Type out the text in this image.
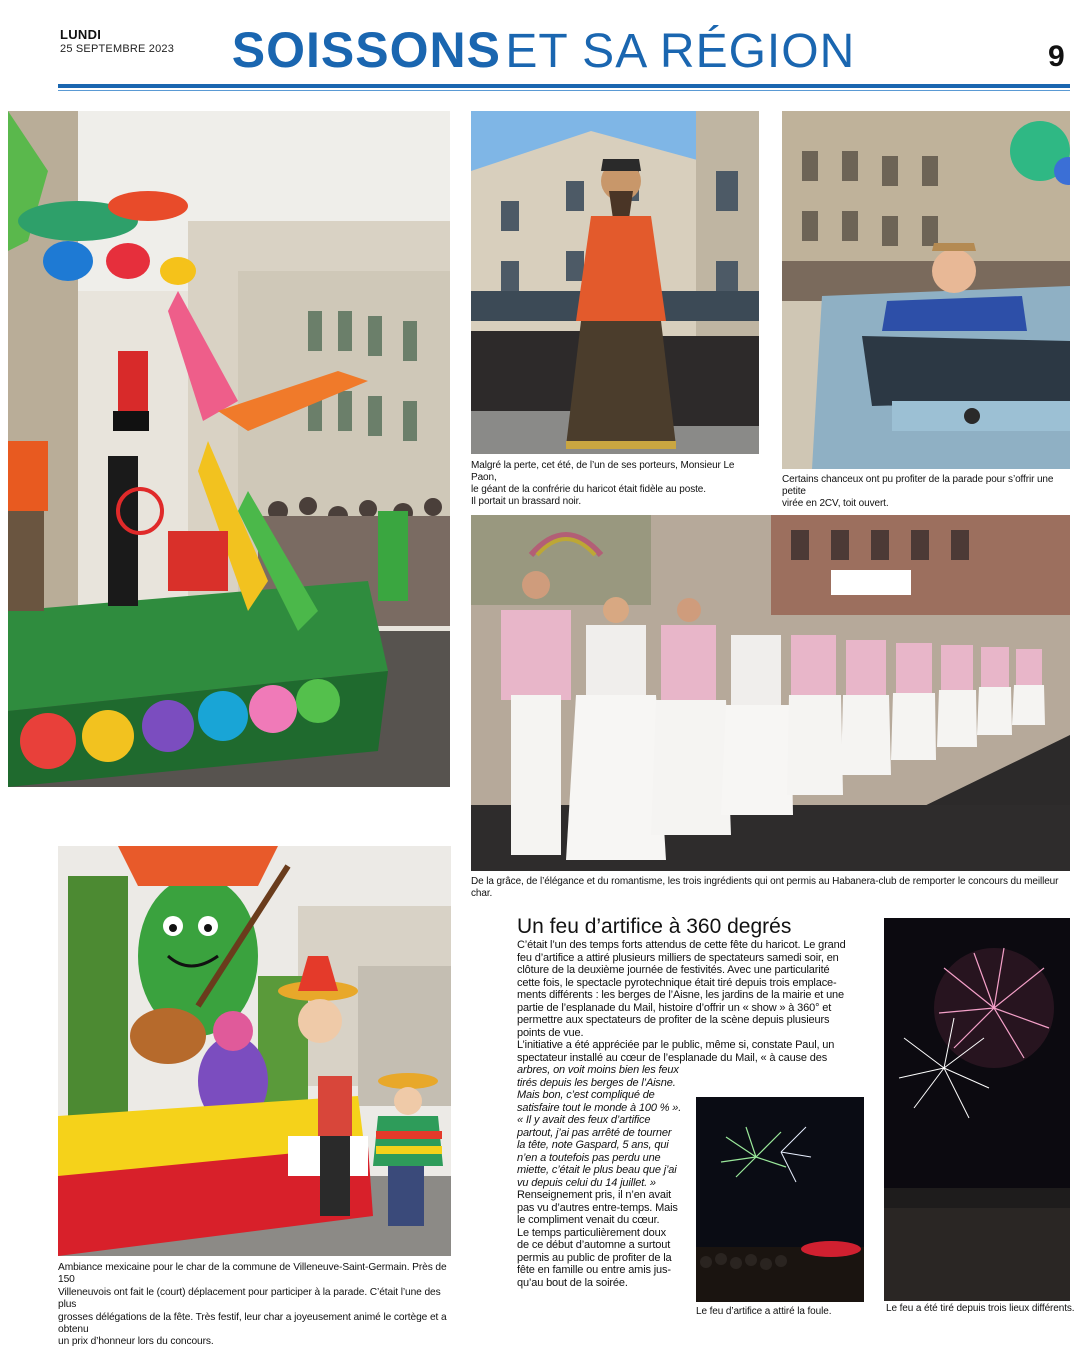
LUNDI
25 SEPTEMBRE 2023	SOISSONS ET SA RÉGION	9
Malgré la perte, cet été, de l’un de ses porteurs, Monsieur Le Paon,
le géant de la confrérie du haricot était fidèle au poste.
Il portait un brassard noir.
Certains chanceux ont pu profiter de la parade pour s’offrir une petite
virée en 2CV, toit ouvert.
De la grâce, de l’élégance et du romantisme, les trois ingrédients qui ont permis au Habanera-club de remporter le concours du meilleur char.
Ambiance mexicaine pour le char de la commune de Villeneuve-Saint-Germain. Près de 150
Villeneuvois ont fait le (court) déplacement pour participer à la parade. C’était l’une des plus
grosses délégations de la fête. Très festif, leur char a joyeusement animé le cortège et a obtenu
un prix d’honneur lors du concours.
Un feu d’artifice à 360 degrés

C’était l’un des temps forts attendus de cette fête du haricot. Le grand

feu d’artifice a attiré plusieurs milliers de spectateurs samedi soir, en

clôture de la deuxième journée de festivités. Avec une particularité

cette fois, le spectacle pyrotechnique était tiré depuis trois emplace-

ments différents : les berges de l’Aisne, les jardins de la mairie et une

partie de l’esplanade du Mail, histoire d’offrir un « show » à 360° et

permettre aux spectateurs de profiter de la scène depuis plusieurs

points de vue.

L’initiative a été appréciée par le public, même si, constate Paul, un

spectateur installé au cœur de l’esplanade du Mail, « à cause des

arbres, on voit moins bien les feux

tirés depuis les berges de l’Aisne.

Mais bon, c’est compliqué de

satisfaire tout le monde à 100 % ».

« Il y avait des feux d’artifice

partout, j’ai pas arrêté de tourner

la tête, note Gaspard, 5 ans, qui

n’en a toutefois pas perdu une

miette, c’était le plus beau que j’ai

vu depuis celui du 14 juillet. »

Renseignement pris, il n’en avait

pas vu d’autres entre-temps. Mais

le compliment venait du cœur.

Le temps particulièrement doux

de ce début d’automne a surtout

permis au public de profiter de la

fête en famille ou entre amis jus-

qu’au bout de la soirée.

Le feu d’artifice a attiré la foule.	Le feu a été tiré depuis trois lieux différents.
